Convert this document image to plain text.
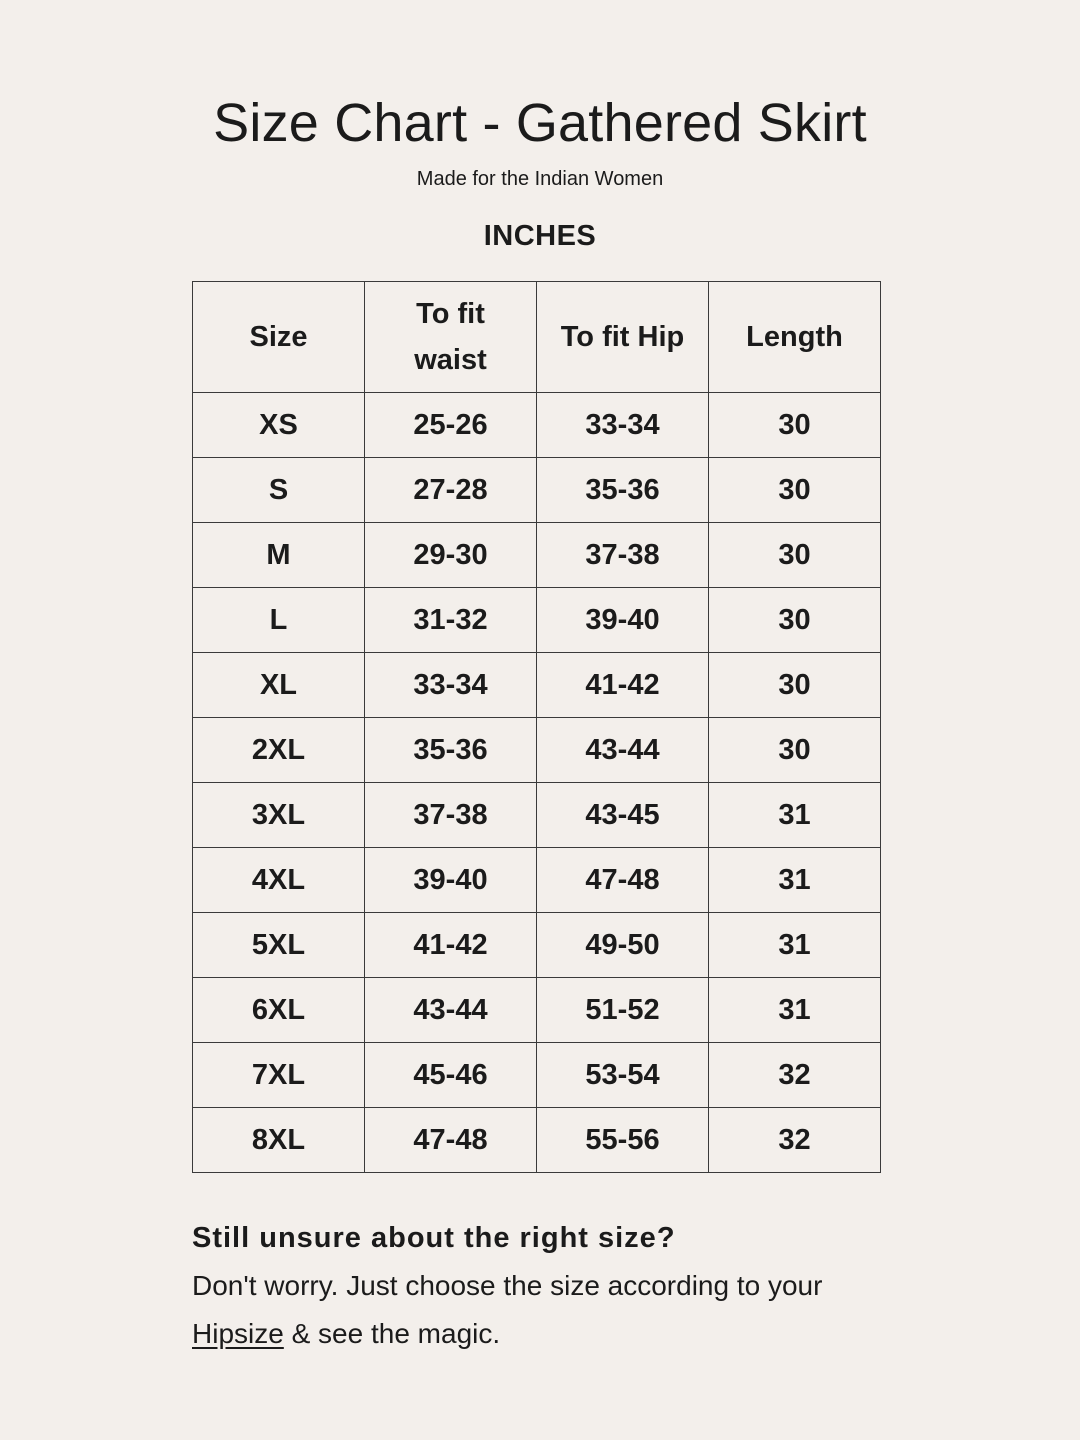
Size Chart - Gathered Skirt
Made for the Indian Women
INCHES
Size	To fit waist	To fit Hip	Length
XS	25-26	33-34	30
S	27-28	35-36	30
M	29-30	37-38	30
L	31-32	39-40	30
XL	33-34	41-42	30
2XL	35-36	43-44	30
3XL	37-38	43-45	31
4XL	39-40	47-48	31
5XL	41-42	49-50	31
6XL	43-44	51-52	31
7XL	45-46	53-54	32
8XL	47-48	55-56	32
Still unsure about the right size?
Don't worry. Just choose the size according to your Hipsize & see the magic.
